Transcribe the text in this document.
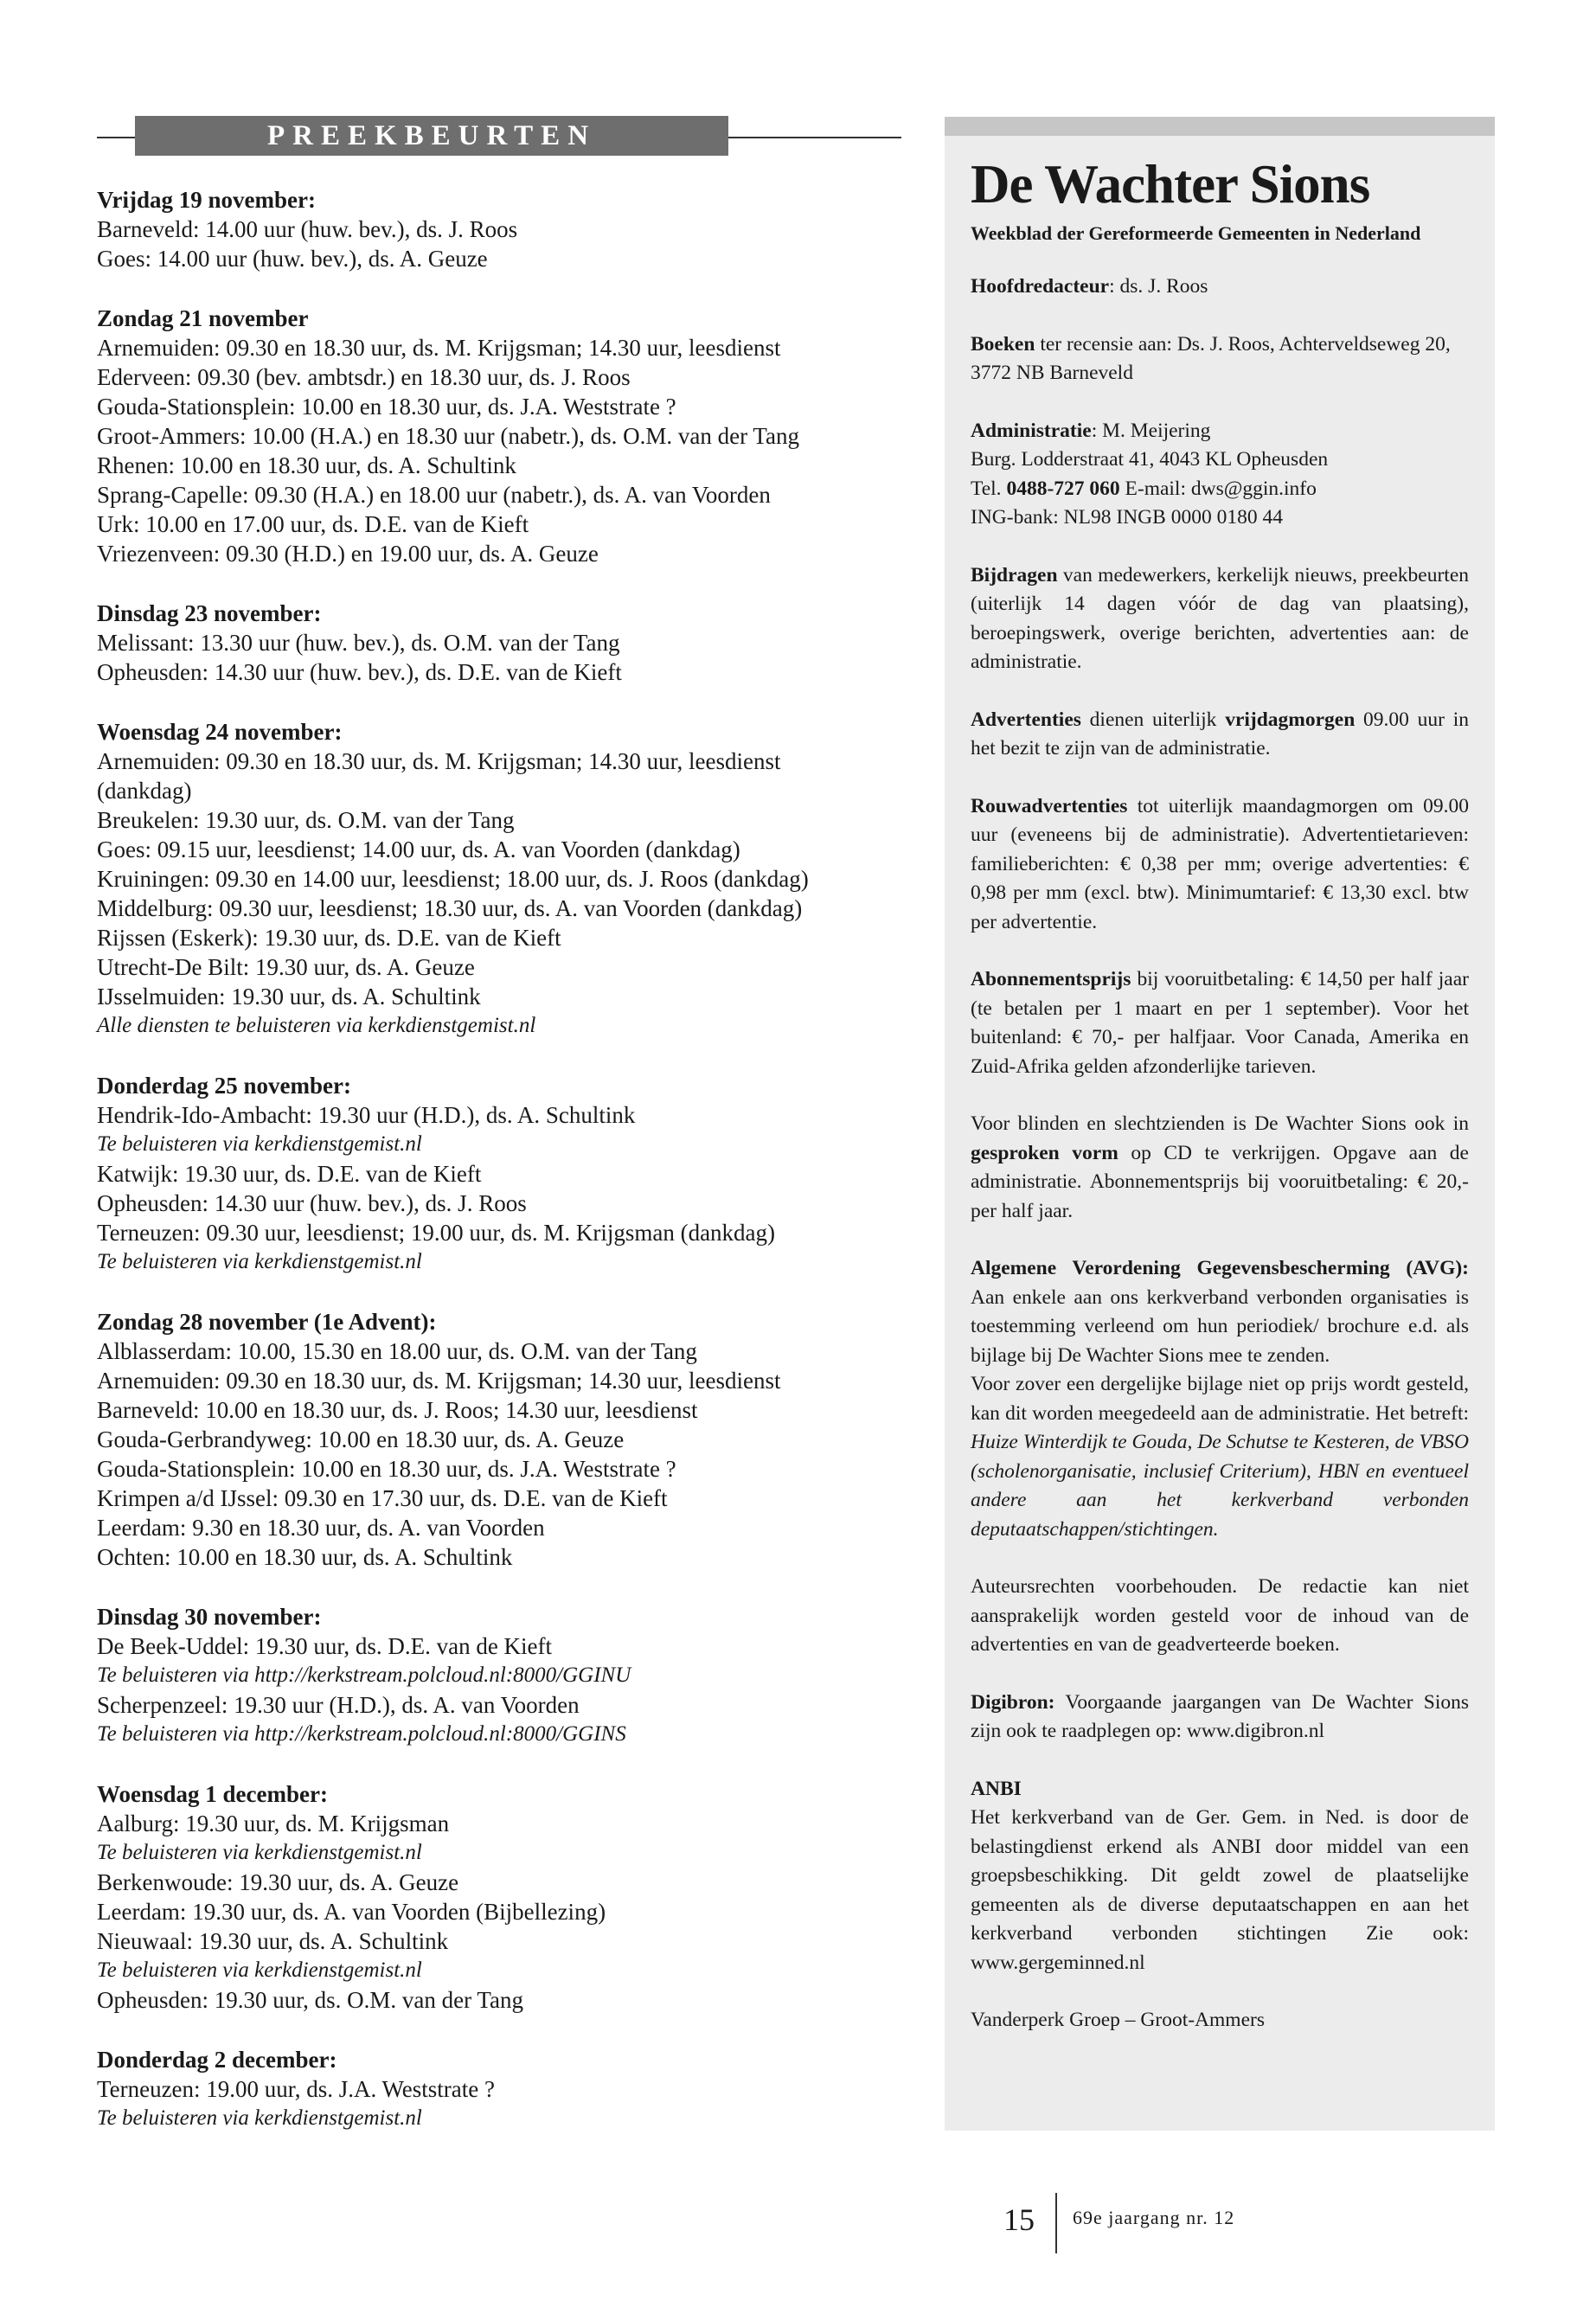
PREEKBEURTEN
Vrijdag 19 november:
Barneveld: 14.00 uur (huw. bev.), ds. J. Roos
Goes: 14.00 uur (huw. bev.), ds. A. Geuze
Zondag 21 november
Arnemuiden: 09.30 en 18.30 uur, ds. M. Krijgsman; 14.30 uur, leesdienst
Ederveen: 09.30 (bev. ambtsdr.) en 18.30 uur, ds. J. Roos
Gouda-Stationsplein: 10.00 en 18.30 uur, ds. J.A. Weststrate ?
Groot-Ammers: 10.00 (H.A.) en 18.30 uur (nabetr.), ds. O.M. van der Tang
Rhenen: 10.00 en 18.30 uur, ds. A. Schultink
Sprang-Capelle: 09.30 (H.A.) en 18.00 uur (nabetr.), ds. A. van Voorden
Urk: 10.00 en 17.00 uur, ds. D.E. van de Kieft
Vriezenveen: 09.30 (H.D.) en 19.00 uur, ds. A. Geuze
Dinsdag 23 november:
Melissant: 13.30 uur (huw. bev.), ds. O.M. van der Tang
Opheusden: 14.30 uur (huw. bev.), ds. D.E. van de Kieft
Woensdag 24 november:
Arnemuiden: 09.30 en 18.30 uur, ds. M. Krijgsman; 14.30 uur, leesdienst
(dankdag)
Breukelen: 19.30 uur, ds. O.M. van der Tang
Goes: 09.15 uur, leesdienst; 14.00 uur, ds. A. van Voorden (dankdag)
Kruiningen: 09.30 en 14.00 uur, leesdienst; 18.00 uur, ds. J. Roos (dankdag)
Middelburg: 09.30 uur, leesdienst; 18.30 uur, ds. A. van Voorden (dankdag)
Rijssen (Eskerk): 19.30 uur, ds. D.E. van de Kieft
Utrecht-De Bilt: 19.30 uur, ds. A. Geuze
IJsselmuiden: 19.30 uur, ds. A. Schultink
Alle diensten te beluisteren via kerkdienstgemist.nl
Donderdag 25 november:
Hendrik-Ido-Ambacht: 19.30 uur (H.D.), ds. A. Schultink
Te beluisteren via kerkdienstgemist.nl
Katwijk: 19.30 uur, ds. D.E. van de Kieft
Opheusden: 14.30 uur (huw. bev.), ds. J. Roos
Terneuzen: 09.30 uur, leesdienst; 19.00 uur, ds. M. Krijgsman (dankdag)
Te beluisteren via kerkdienstgemist.nl
Zondag 28 november (1e Advent):
Alblasserdam: 10.00, 15.30 en 18.00 uur, ds. O.M. van der Tang
Arnemuiden: 09.30 en 18.30 uur, ds. M. Krijgsman; 14.30 uur, leesdienst
Barneveld: 10.00 en 18.30 uur, ds. J. Roos; 14.30 uur, leesdienst
Gouda-Gerbrandyweg: 10.00 en 18.30 uur, ds. A. Geuze
Gouda-Stationsplein: 10.00 en 18.30 uur, ds. J.A. Weststrate ?
Krimpen a/d IJssel: 09.30 en 17.30 uur, ds. D.E. van de Kieft
Leerdam: 9.30 en 18.30 uur, ds. A. van Voorden
Ochten: 10.00 en 18.30 uur, ds. A. Schultink
Dinsdag 30 november:
De Beek-Uddel: 19.30 uur, ds. D.E. van de Kieft
Te beluisteren via http://kerkstream.polcloud.nl:8000/GGINU
Scherpenzeel: 19.30 uur (H.D.), ds. A. van Voorden
Te beluisteren via http://kerkstream.polcloud.nl:8000/GGINS
Woensdag 1 december:
Aalburg: 19.30 uur, ds. M. Krijgsman
Te beluisteren via kerkdienstgemist.nl
Berkenwoude: 19.30 uur, ds. A. Geuze
Leerdam: 19.30 uur, ds. A. van Voorden (Bijbellezing)
Nieuwaal: 19.30 uur, ds. A. Schultink
Te beluisteren via kerkdienstgemist.nl
Opheusden: 19.30 uur, ds. O.M. van der Tang
Donderdag 2 december:
Terneuzen: 19.00 uur, ds. J.A. Weststrate ?
Te beluisteren via kerkdienstgemist.nl
De Wachter Sions
Weekblad der Gereformeerde Gemeenten in Nederland
Hoofdredacteur: ds. J. Roos
Boeken ter recensie aan: Ds. J. Roos, Achterveldseweg 20, 3772 NB Barneveld
Administratie: M. Meijering
Burg. Lodderstraat 41, 4043 KL Opheusden
Tel. 0488-727 060 E-mail: dws@ggin.info
ING-bank: NL98 INGB 0000 0180 44
Bijdragen van medewerkers, kerkelijk nieuws, preekbeurten (uiterlijk 14 dagen vóór de dag van plaatsing), beroepingswerk, overige berichten, advertenties aan: de administratie.
Advertenties dienen uiterlijk vrijdagmorgen 09.00 uur in het bezit te zijn van de administratie.
Rouwadvertenties tot uiterlijk maandagmorgen om 09.00 uur (eveneens bij de administratie). Advertentietarieven: familieberichten: € 0,38 per mm; overige advertenties: € 0,98 per mm (excl. btw). Minimumtarief: € 13,30 excl. btw per advertentie.
Abonnementsprijs bij vooruitbetaling: € 14,50 per half jaar (te betalen per 1 maart en per 1 september). Voor het buitenland: € 70,- per halfjaar. Voor Canada, Amerika en Zuid-Afrika gelden afzonderlijke tarieven.
Voor blinden en slechtzienden is De Wachter Sions ook in gesproken vorm op CD te verkrijgen. Opgave aan de administratie. Abonnementsprijs bij vooruitbetaling: € 20,- per half jaar.
Algemene Verordening Gegevensbescherming (AVG): Aan enkele aan ons kerkverband verbonden organisaties is toestemming verleend om hun periodiek/ brochure e.d. als bijlage bij De Wachter Sions mee te zenden.
Voor zover een dergelijke bijlage niet op prijs wordt gesteld, kan dit worden meegedeeld aan de administratie. Het betreft: Huize Winterdijk te Gouda, De Schutse te Kesteren, de VBSO (scholenorganisatie, inclusief Criterium), HBN en eventueel andere aan het kerkverband verbonden deputaatschappen/stichtingen.
Auteursrechten voorbehouden. De redactie kan niet aansprakelijk worden gesteld voor de inhoud van de advertenties en van de geadverteerde boeken.
Digibron: Voorgaande jaargangen van De Wachter Sions zijn ook te raadplegen op: www.digibron.nl
ANBI
Het kerkverband van de Ger. Gem. in Ned. is door de belastingdienst erkend als ANBI door middel van een groepsbeschikking. Dit geldt zowel de plaatselijke gemeenten als de diverse deputaatschappen en aan het kerkverband verbonden stichtingen Zie ook: www.gergeminned.nl
Vanderperk Groep – Groot-Ammers
15 69e jaargang nr. 12
